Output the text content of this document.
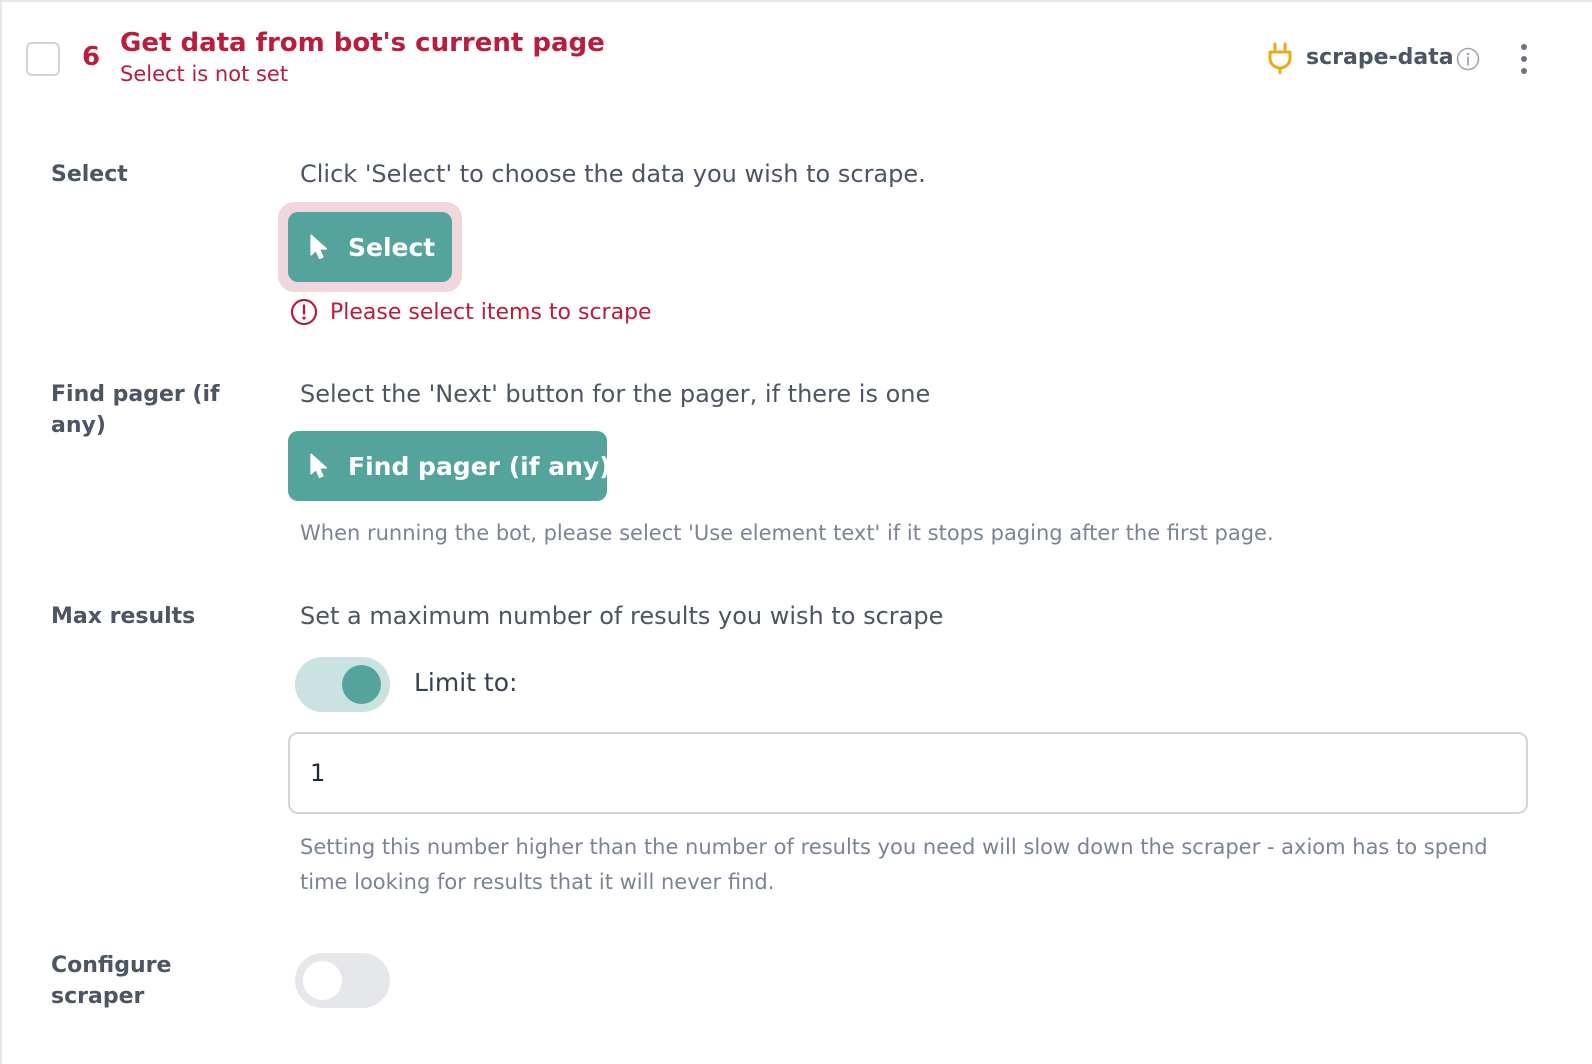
6 Get data from bot's current page
Select is not set
scrape-data
Select	Click 'Select' to choose the data you wish to scrape.
Select
Please select items to scrape
Find pager (if any)
Select the 'Next' button for the pager, if there is one
Find pager (if any)
When running the bot, please select 'Use element text' if it stops paging after the first page.
Max results	Set a maximum number of results you wish to scrape
Limit to:
1
Setting this number higher than the number of results you need will slow down the scraper - axiom has to spend time looking for results that it will never find.
Configure scraper
